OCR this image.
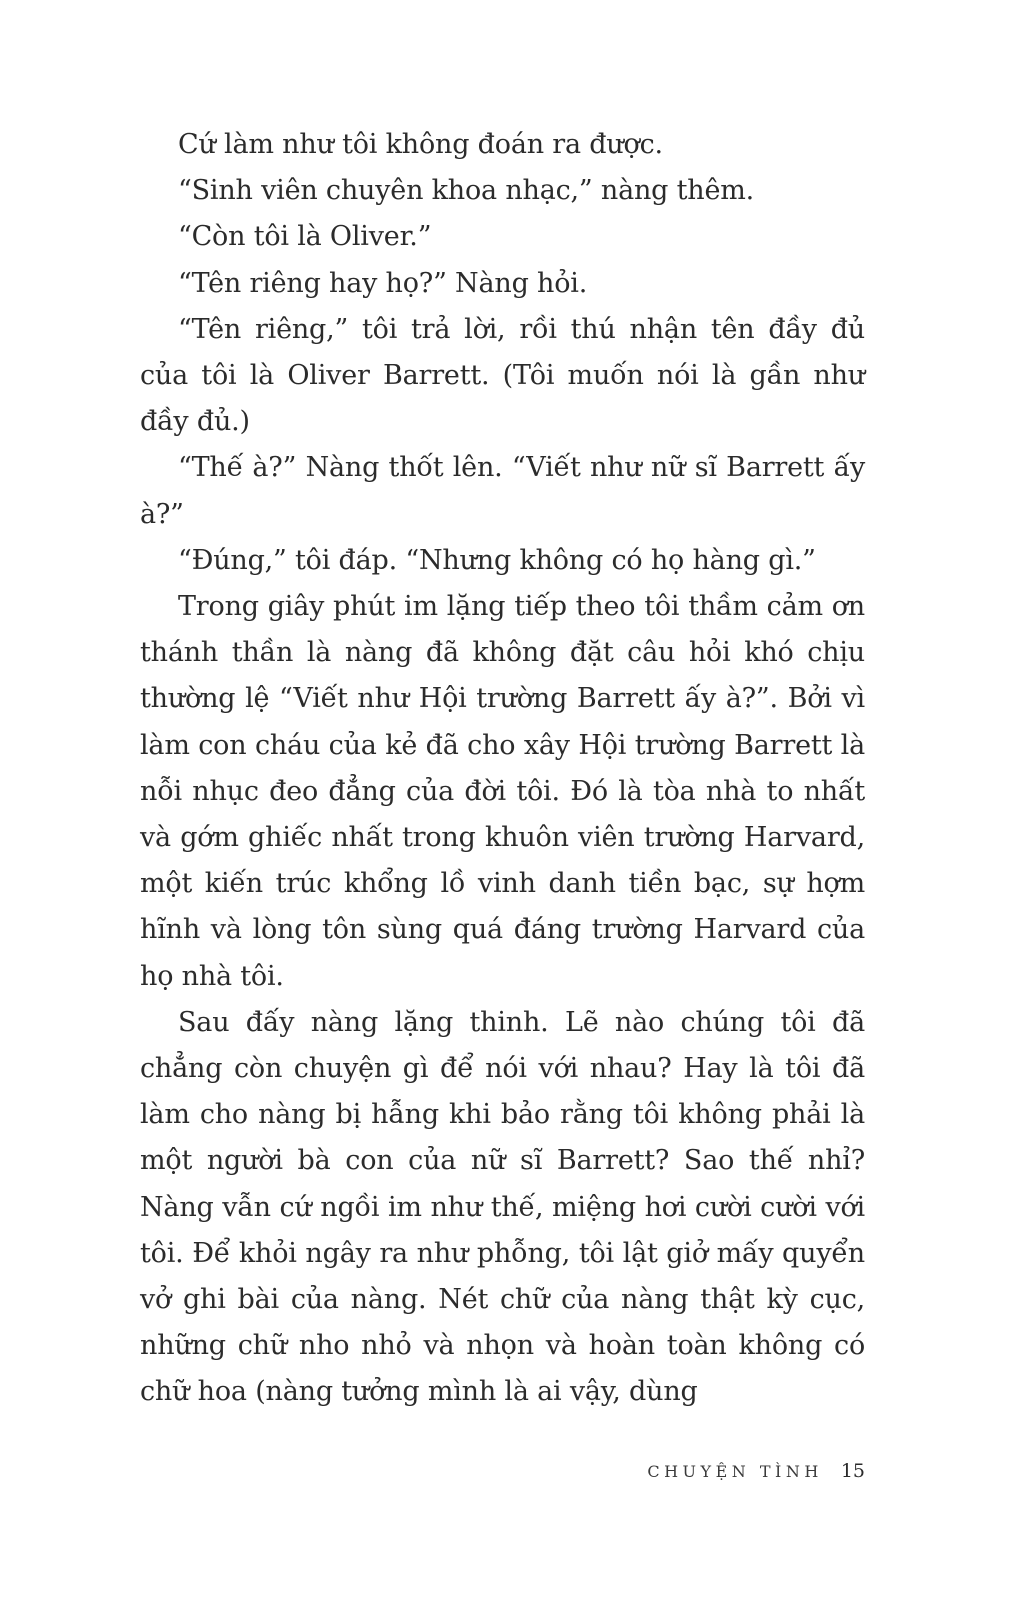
Cứ làm như tôi không đoán ra được.

“Sinh viên chuyên khoa nhạc,” nàng thêm.

“Còn tôi là Oliver.”

“Tên riêng hay họ?” Nàng hỏi.

“Tên riêng,” tôi trả lời, rồi thú nhận tên đầy đủ của tôi là Oliver Barrett. (Tôi muốn nói là gần như đầy đủ.)

“Thế à?” Nàng thốt lên. “Viết như nữ sĩ Barrett ấy à?”

“Đúng,” tôi đáp. “Nhưng không có họ hàng gì.”

Trong giây phút im lặng tiếp theo tôi thầm cảm ơn thánh thần là nàng đã không đặt câu hỏi khó chịu thường lệ “Viết như Hội trường Barrett ấy à?”. Bởi vì làm con cháu của kẻ đã cho xây Hội trường Barrett là nỗi nhục đeo đẳng của đời tôi. Đó là tòa nhà to nhất và gớm ghiếc nhất trong khuôn viên trường Harvard, một kiến trúc khổng lồ vinh danh tiền bạc, sự hợm hĩnh và lòng tôn sùng quá đáng trường Harvard của họ nhà tôi.

Sau đấy nàng lặng thinh. Lẽ nào chúng tôi đã chẳng còn chuyện gì để nói với nhau? Hay là tôi đã làm cho nàng bị hẫng khi bảo rằng tôi không phải là một người bà con của nữ sĩ Barrett? Sao thế nhỉ? Nàng vẫn cứ ngồi im như thế, miệng hơi cười cười với tôi. Để khỏi ngây ra như phỗng, tôi lật giở mấy quyển vở ghi bài của nàng. Nét chữ của nàng thật kỳ cục, những chữ nho nhỏ và nhọn và hoàn toàn không có chữ hoa (nàng tưởng mình là ai vậy, dùng

CHUYỆN TÌNH 15
